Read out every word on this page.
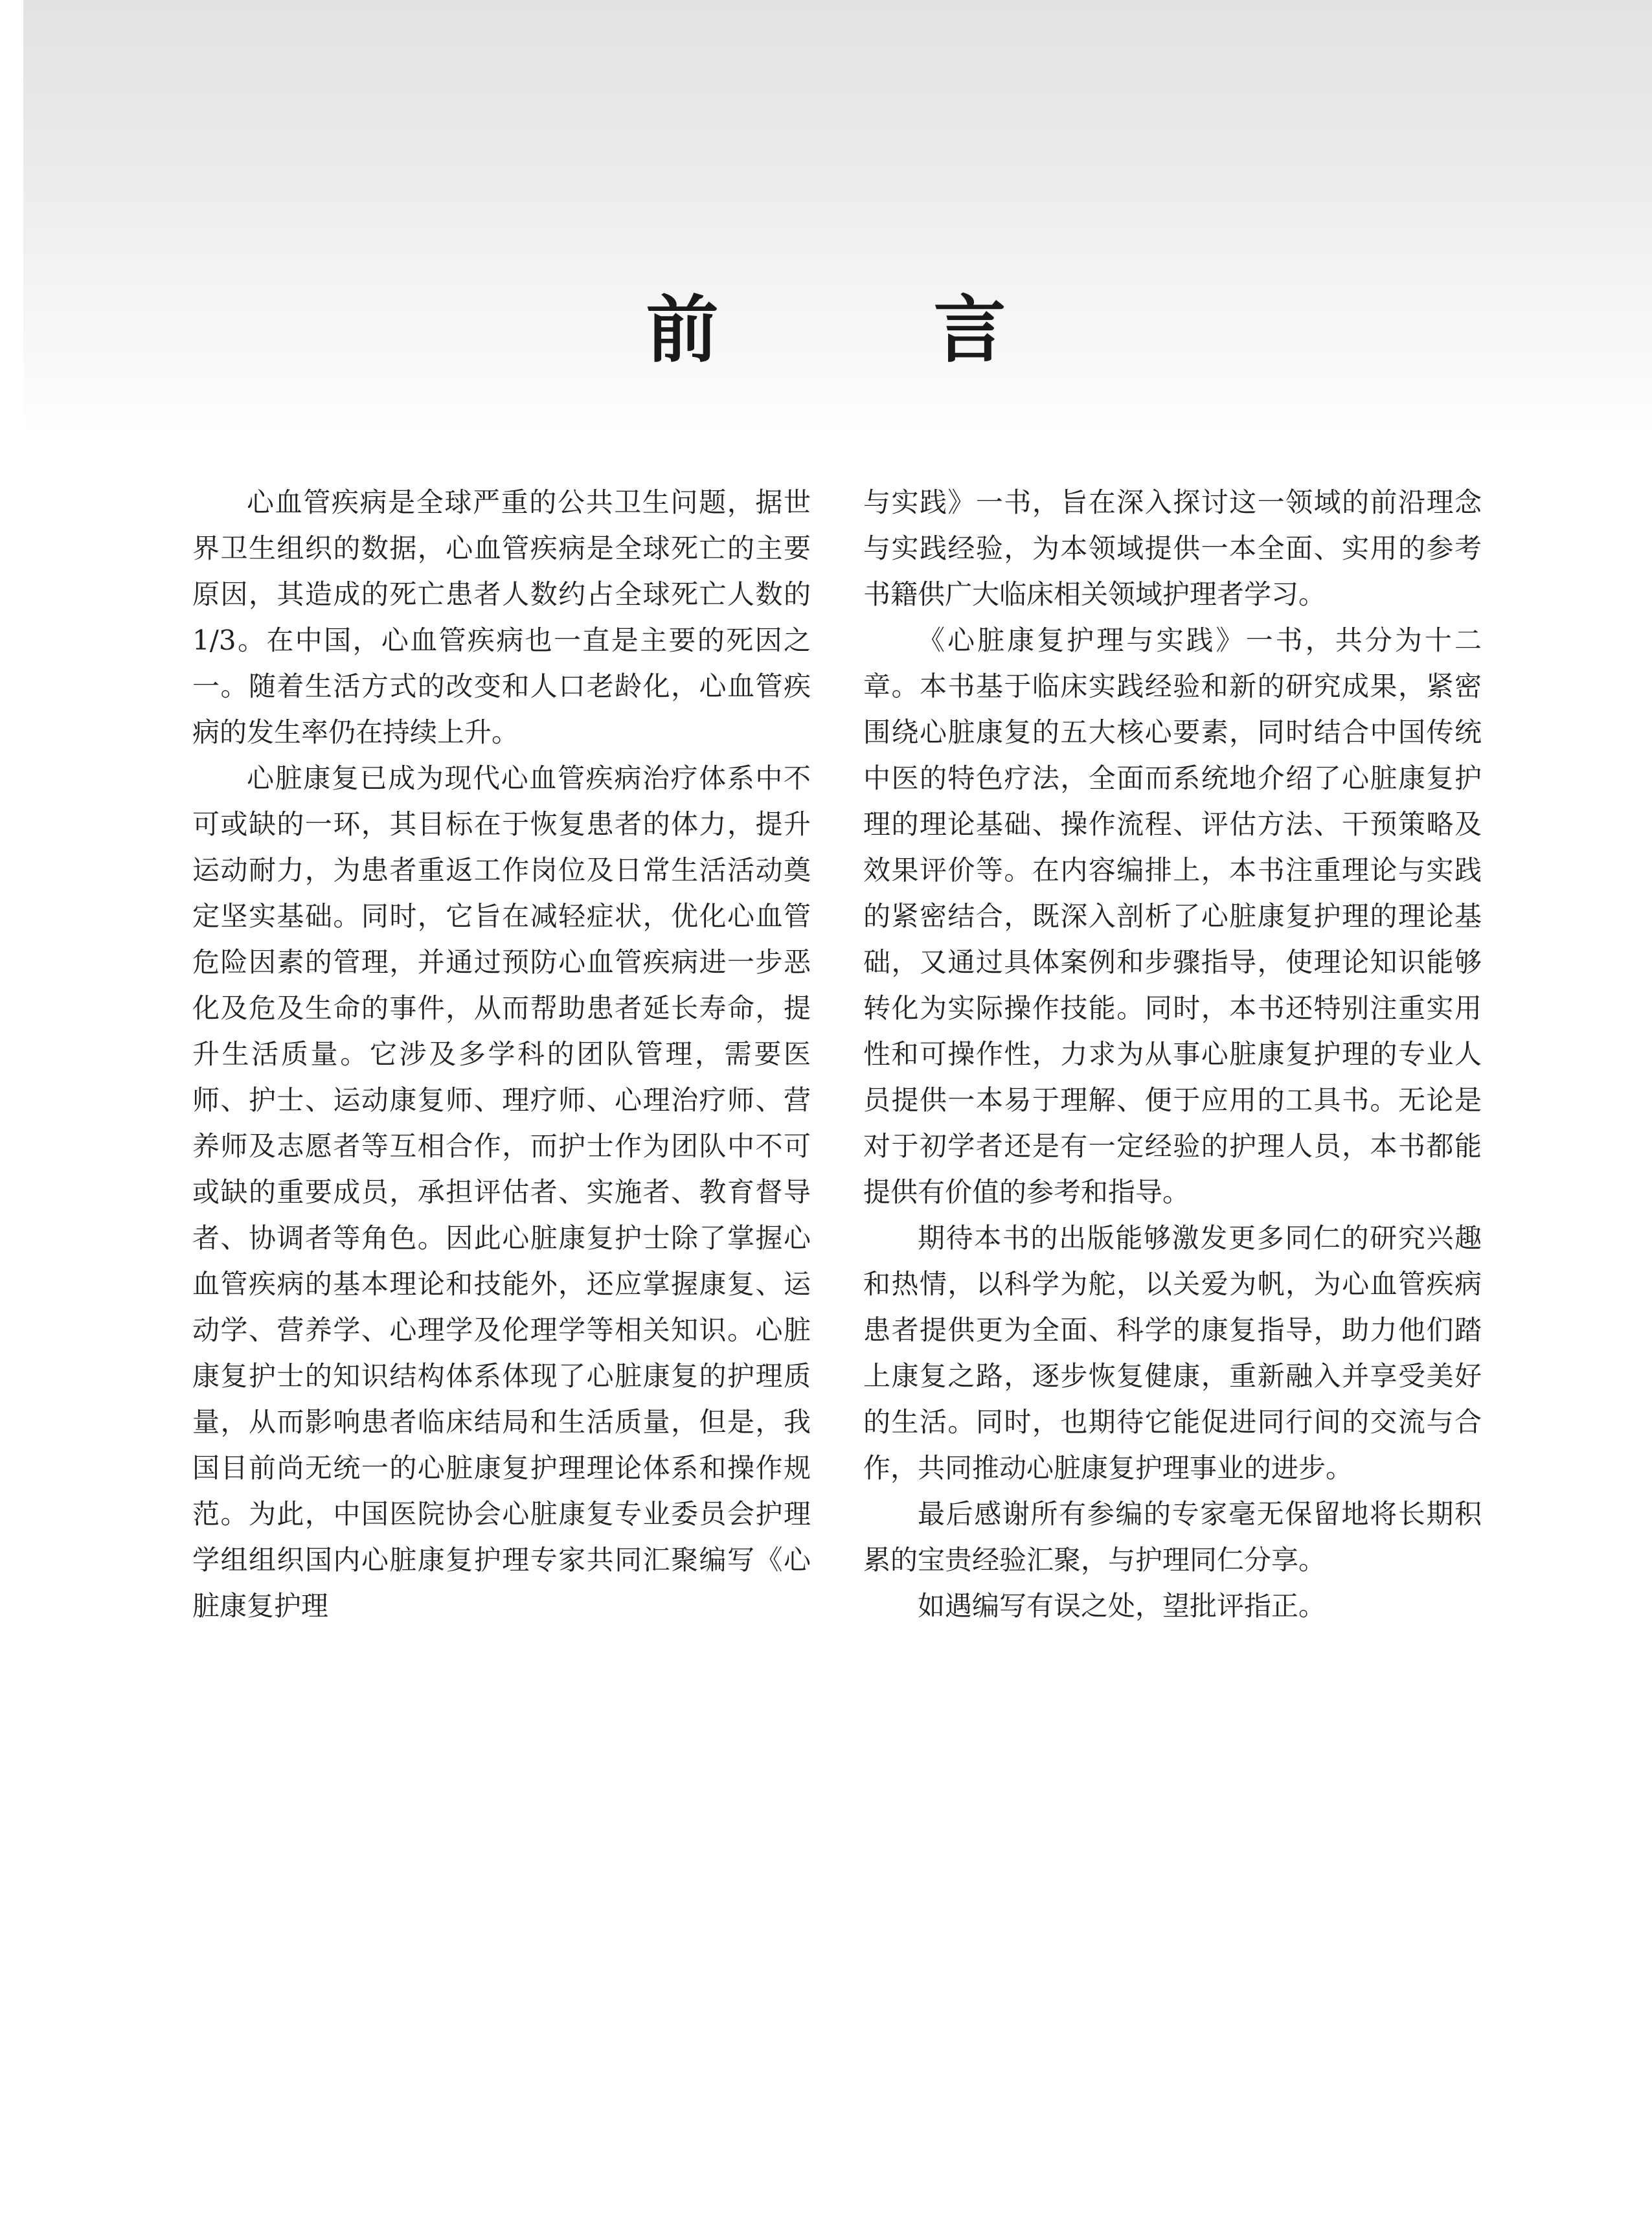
前　言

心血管疾病是全球严重的公共卫生问题，据世界卫生组织的数据，心血管疾病是全球死亡的主要原因，其造成的死亡患者人数约占全球死亡人数的 1/3。在中国，心血管疾病也一直是主要的死因之一。随着生活方式的改变和人口老龄化，心血管疾病的发生率仍在持续上升。

心脏康复已成为现代心血管疾病治疗体系中不可或缺的一环，其目标在于恢复患者的体力，提升运动耐力，为患者重返工作岗位及日常生活活动奠定坚实基础。同时，它旨在减轻症状，优化心血管危险因素的管理，并通过预防心血管疾病进一步恶化及危及生命的事件，从而帮助患者延长寿命，提升生活质量。它涉及多学科的团队管理，需要医师、护士、运动康复师、理疗师、心理治疗师、营养师及志愿者等互相合作，而护士作为团队中不可或缺的重要成员，承担评估者、实施者、教育督导者、协调者等角色。因此心脏康复护士除了掌握心血管疾病的基本理论和技能外，还应掌握康复、运动学、营养学、心理学及伦理学等相关知识。心脏康复护士的知识结构体系体现了心脏康复的护理质量，从而影响患者临床结局和生活质量，但是，我国目前尚无统一的心脏康复护理理论体系和操作规范。为此，中国医院协会心脏康复专业委员会护理学组组织国内心脏康复护理专家共同汇聚编写《心脏康复护理

与实践》一书，旨在深入探讨这一领域的前沿理念与实践经验，为本领域提供一本全面、实用的参考书籍供广大临床相关领域护理者学习。

《心脏康复护理与实践》一书，共分为十二章。本书基于临床实践经验和新的研究成果，紧密围绕心脏康复的五大核心要素，同时结合中国传统中医的特色疗法，全面而系统地介绍了心脏康复护理的理论基础、操作流程、评估方法、干预策略及效果评价等。在内容编排上，本书注重理论与实践的紧密结合，既深入剖析了心脏康复护理的理论基础，又通过具体案例和步骤指导，使理论知识能够转化为实际操作技能。同时，本书还特别注重实用性和可操作性，力求为从事心脏康复护理的专业人员提供一本易于理解、便于应用的工具书。无论是对于初学者还是有一定经验的护理人员，本书都能提供有价值的参考和指导。

期待本书的出版能够激发更多同仁的研究兴趣和热情，以科学为舵，以关爱为帆，为心血管疾病患者提供更为全面、科学的康复指导，助力他们踏上康复之路，逐步恢复健康，重新融入并享受美好的生活。同时，也期待它能促进同行间的交流与合作，共同推动心脏康复护理事业的进步。

最后感谢所有参编的专家毫无保留地将长期积累的宝贵经验汇聚，与护理同仁分享。

如遇编写有误之处，望批评指正。
